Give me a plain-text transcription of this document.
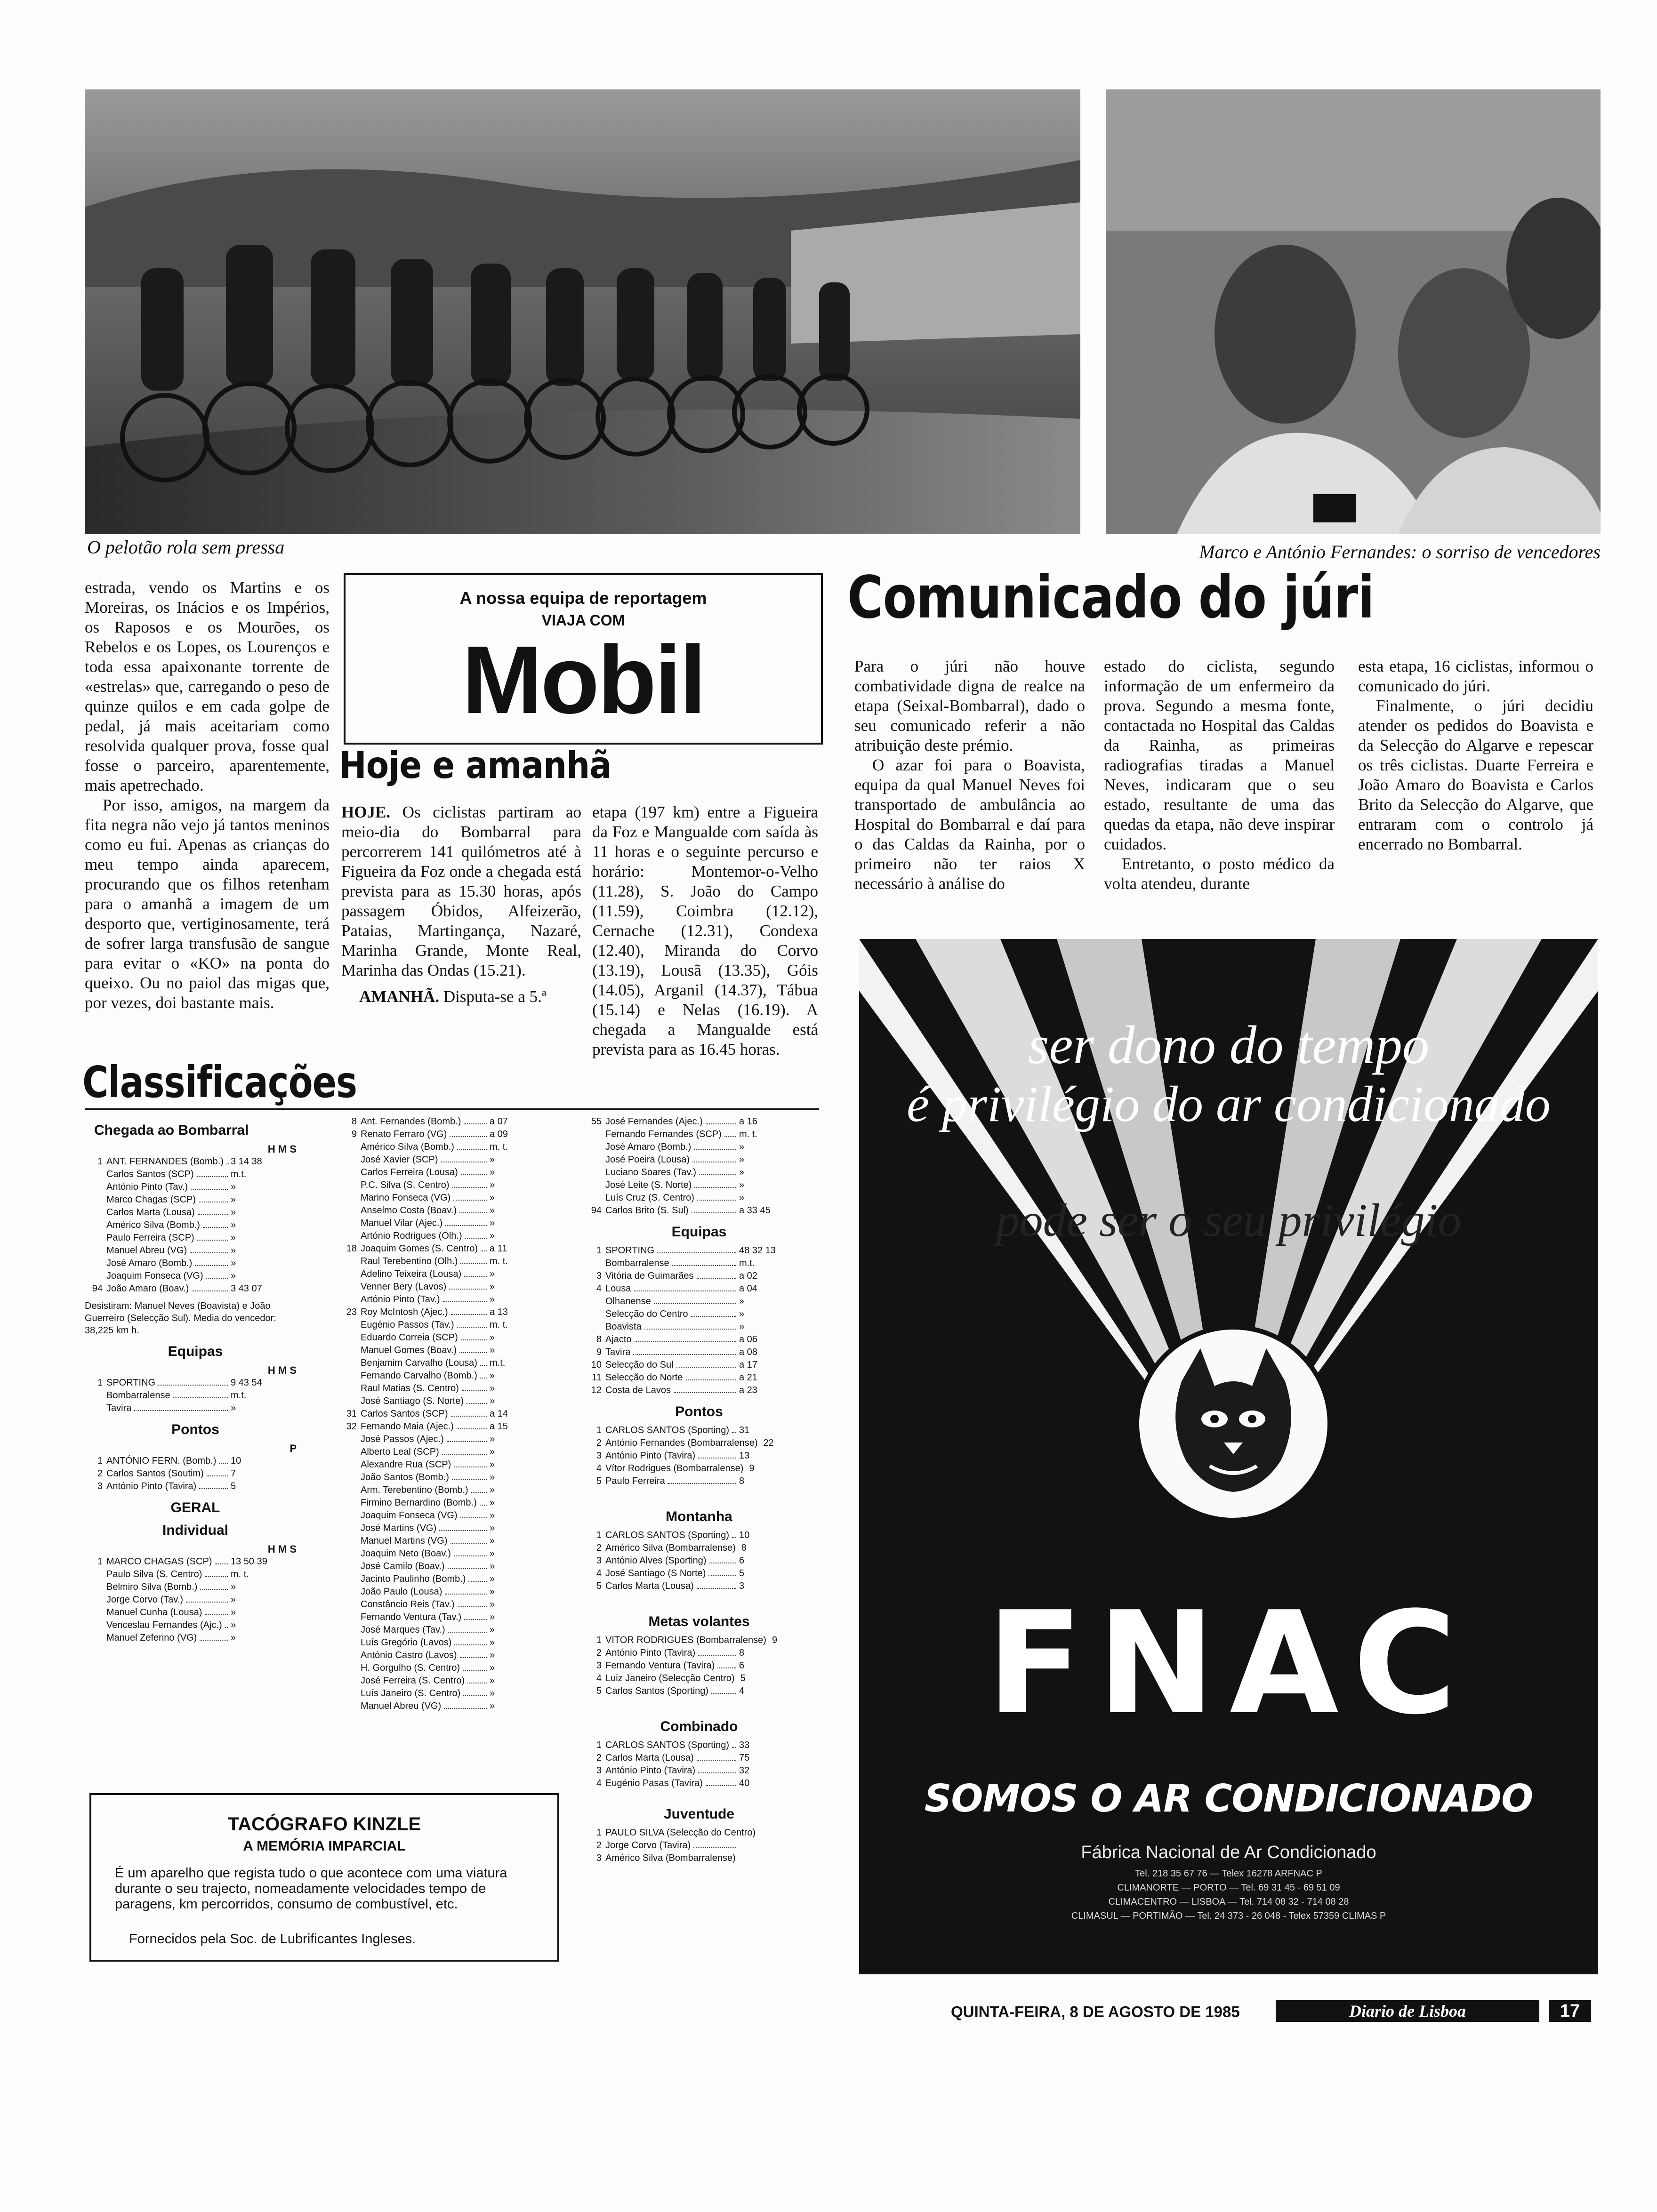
O pelotão rola sem pressa	Marco e António Fernandes: o sorriso de vencedores

estrada, vendo os Martins e os Moreiras, os Inácios e os Impérios, os Raposos e os Mourões, os Rebelos e os Lopes, os Lourenços e toda essa apaixonante torrente de «estrelas» que, carregando o peso de quinze quilos e em cada golpe de pedal, já mais aceitariam como resolvida qualquer prova, fosse qual fosse o parceiro, aparentemente, mais apetrechado.

Por isso, amigos, na margem da fita negra não vejo já tantos meninos como eu fui. Apenas as crianças do meu tempo ainda aparecem, procurando que os filhos retenham para o amanhã a imagem de um desporto que, vertiginosamente, terá de sofrer larga transfusão de sangue para evitar o «KO» na ponta do queixo. Ou no paiol das migas que, por vezes, doi bastante mais.

A nossa equipa de reportagem
VIAJA COM
Mobil
Hoje e amanhã

HOJE. Os ciclistas partiram ao meio-dia do Bombarral para percorrerem 141 quilómetros até à Figueira da Foz onde a chegada está prevista para as 15.30 horas, após passagem Óbidos, Alfeizerão, Pataias, Martingança, Nazaré, Marinha Grande, Monte Real, Marinha das Ondas (15.21).

AMANHÃ. Disputa-se a 5.ª

etapa (197 km) entre a Figueira da Foz e Mangualde com saída às 11 horas e o seguinte percurso e horário: Montemor-o-Velho (11.28), S. João do Campo (11.59), Coimbra (12.12), Cernache (12.31), Condexa (12.40), Miranda do Corvo (13.19), Lousã (13.35), Góis (14.05), Arganil (14.37), Tábua (15.14) e Nelas (16.19). A chegada a Mangualde está prevista para as 16.45 horas.

Comunicado do júri

Para o júri não houve combatividade digna de realce na etapa (Seixal-Bombarral), dado o seu comunicado referir a não atribuição deste prémio.

O azar foi para o Boavista, equipa da qual Manuel Neves foi transportado de ambulância ao Hospital do Bombarral e daí para o das Caldas da Rainha, por o primeiro não ter raios X necessário à análise do

estado do ciclista, segundo informação de um enfermeiro da prova. Segundo a mesma fonte, contactada no Hospital das Caldas da Rainha, as primeiras radiografias tiradas a Manuel Neves, indicaram que o seu estado, resultante de uma das quedas da etapa, não deve inspirar cuidados.

Entretanto, o posto médico da volta atendeu, durante

esta etapa, 16 ciclistas, informou o comunicado do júri.

Finalmente, o júri decidiu atender os pedidos do Boavista e da Selecção do Algarve e repescar os três ciclistas. Duarte Ferreira e João Amaro do Boavista e Carlos Brito da Selecção do Algarve, que entraram com o controlo já encerrado no Bombarral.

Classificações
Chegada ao Bombarral
H M S
1 ANT. FERNANDES (Bomb.) 3 14 38
Carlos Santos (SCP)	m.t.
António Pinto (Tav.)	»
Marco Chagas (SCP)	»
Carlos Marta (Lousa)	»
Américo Silva (Bomb.)	»
Paulo Ferreira (SCP)	»
Manuel Abreu (VG)	»
José Amaro (Bomb.)	»
Joaquim Fonseca (VG)	»
94 João Amaro (Boav.)	3 43 07
Desistiram: Manuel Neves (Boavista) e João Guerreiro (Selecção Sul). Media do vencedor: 38,225 km h.
Equipas
H M S
1 SPORTING	9 43 54
Bombarralense	m.t.
Tavira	»
Pontos
P
1 ANTÓNIO FERN. (Bomb.) 10
2 Carlos Santos (Soutim)	7
3 António Pinto (Tavira)	5
GERAL
Individual
H M S
1 MARCO CHAGAS (SCP) 13 50 39
Paulo Silva (S. Centro)	m. t.
Belmiro Silva (Bomb.)	»
Jorge Corvo (Tav.)	»
Manuel Cunha (Lousa)	»
Venceslau Fernandes (Ajc.) »
Manuel Zeferino (VG)	»
8 Ant. Fernandes (Bomb.)	a 07
9 Renato Ferraro (VG)	a 09
Américo Silva (Bomb.)	m. t.
José Xavier (SCP)	»
Carlos Ferreira (Lousa)	»
P.C. Silva (S. Centro)	»
Marino Fonseca (VG)	»
Anselmo Costa (Boav.)	»
Manuel Vilar (Ajec.)	»
Artónio Rodrigues (Olh.)	»
18 Joaquim Gomes (S. Centro) a 11
Raul Terebentino (Olh.)	m. t.
Adelino Teixeira (Lousa)	»
Venner Bery (Lavos)	»
Artónio Pinto (Tav.)	»
23 Roy McIntosh (Ajec.)	a 13
Eugénio Passos (Tav.)	m. t.
Eduardo Correia (SCP)	»
Manuel Gomes (Boav.)	»
Benjamim Carvalho (Lousa) m.t.
Fernando Carvalho (Bomb.) »
Raul Matias (S. Centro)	»
José Santiago (S. Norte)	»
31 Carlos Santos (SCP)	a 14
32 Fernando Maia (Ajec.)	a 15
José Passos (Ajec.)	»
Alberto Leal (SCP)	»
Alexandre Rua (SCP)	»
João Santos (Bomb.)	»
Arm. Terebentino (Bomb.) »
Firmino Bernardino (Bomb.) »
Joaquim Fonseca (VG)	»
José Martins (VG)	»
Manuel Martins (VG)	»
Joaquim Neto (Boav.)	»
José Camilo (Boav.)	»
Jacinto Paulinho (Bomb.)	»
João Paulo (Lousa)	»
Constâncio Reis (Tav.)	»
Fernando Ventura (Tav.)	»
José Marques (Tav.)	»
Luís Gregório (Lavos)	»
António Castro (Lavos)	»
H. Gorgulho (S. Centro)	»
José Ferreira (S. Centro)	»
Luís Janeiro (S. Centro)	»
Manuel Abreu (VG)	»
55 José Fernandes (Ajec.)	a 16
Fernando Fernandes (SCP) m. t.
José Amaro (Bomb.)	»
José Poeira (Lousa)	»
Luciano Soares (Tav.)	»
José Leite (S. Norte)	»
Luís Cruz (S. Centro)	»
94 Carlos Brito (S. Sul)	a 33 45
Equipas
1 SPORTING	48 32 13
Bombarralense	m.t.
3 Vitória de Guimarães	a 02
4 Lousa	a 04
Olhanense	»
Selecção do Centro	»
Boavista	»
8 Ajacto	a 06
9 Tavira	a 08
10 Selecção do Sul	a 17
11 Selecção do Norte	a 21
12 Costa de Lavos	a 23
Pontos
1 CARLOS SANTOS (Sporting) 31
2 António Fernandes (Bombarralense) 22
3 António Pinto (Tavira)	13
4 Vítor Rodrigues (Bombarralense) 9
5 Paulo Ferreira	8
Montanha
1 CARLOS SANTOS (Sporting) 10
2 Américo Silva (Bombarralense) 8
3 António Alves (Sporting)	6
4 José Santiago (S Norte)	5
5 Carlos Marta (Lousa)	3
Metas volantes
1 VITOR RODRIGUES (Bombarralense) 9
2 António Pinto (Tavira)	8
3 Fernando Ventura (Tavira)	6
4 Luiz Janeiro (Selecção Centro) 5
5 Carlos Santos (Sporting)	4
Combinado
1 CARLOS SANTOS (Sporting) 33
2 Carlos Marta (Lousa)	75
3 António Pinto (Tavira)	32
4 Eugénio Pasas (Tavira)	40
Juventude
1 PAULO SILVA (Selecção do Centro)
2 Jorge Corvo (Tavira)
3 Américo Silva (Bombarralense)
TACÓGRAFO KINZLE
A MEMÓRIA IMPARCIAL
É um aparelho que regista tudo o que acontece com uma viatura durante o seu trajecto, nomeadamente velocidades tempo de paragens, km percorridos, consumo de combustível, etc.
Fornecidos pela Soc. de Lubrificantes Ingleses.
ser dono do tempo
é privilégio do ar condicionado
pode ser o seu privilégio
FNAC
SOMOS O AR CONDICIONADO
Fábrica Nacional de Ar Condicionado
Tel. 218 35 67 76 — Telex 16278 ARFNAC P
CLIMANORTE — PORTO — Tel. 69 31 45 - 69 51 09
CLIMACENTRO — LISBOA — Tel. 714 08 32 - 714 08 28
CLIMASUL — PORTIMÃO — Tel. 24 373 - 26 048 - Telex 57359 CLIMAS P
QUINTA-FEIRA, 8 DE AGOSTO DE 1985	Diario de Lisboa	17
